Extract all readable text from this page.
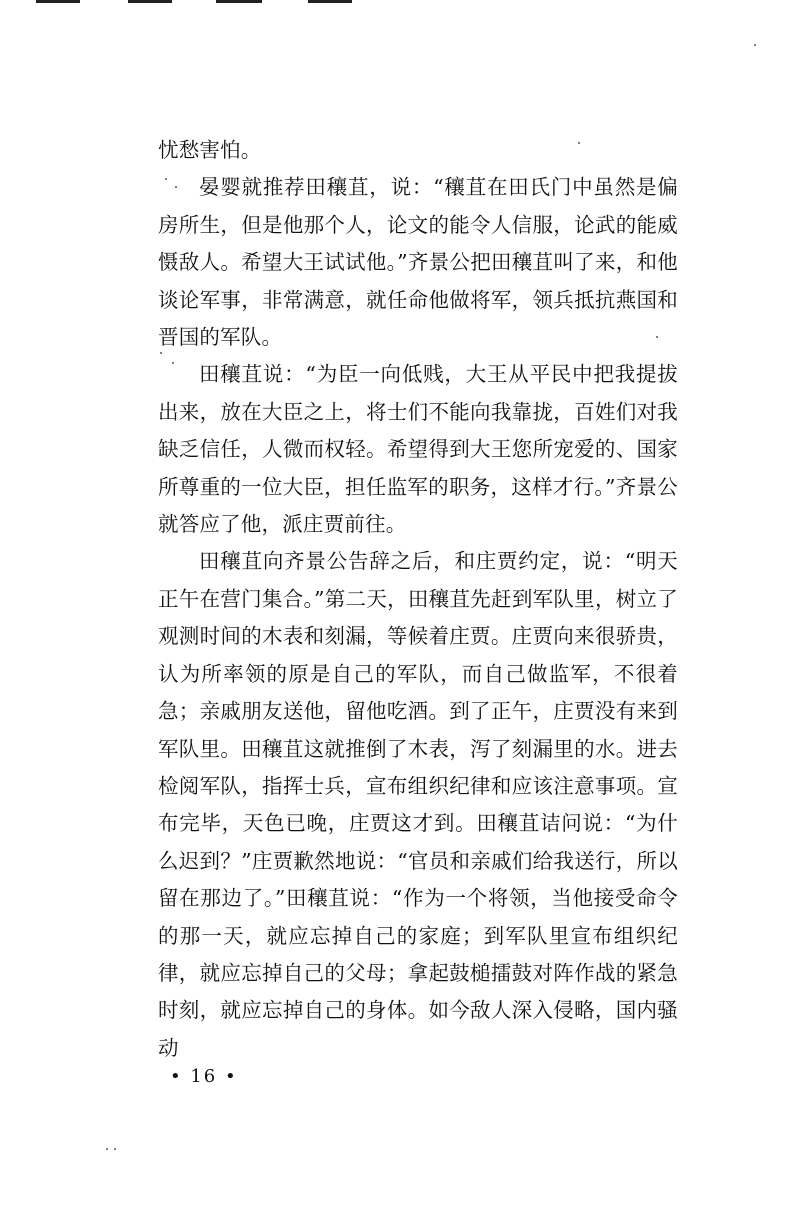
忧愁害怕。

晏婴就推荐田穰苴，说：“穰苴在田氏门中虽然是偏房所生，但是他那个人，论文的能令人信服，论武的能威慑敌人。希望大王试试他。”齐景公把田穰苴叫了来，和他谈论军事，非常满意，就任命他做将军，领兵抵抗燕国和晋国的军队。

田穰苴说：“为臣一向低贱，大王从平民中把我提拔出来，放在大臣之上，将士们不能向我靠拢，百姓们对我缺乏信任，人微而权轻。希望得到大王您所宠爱的、国家所尊重的一位大臣，担任监军的职务，这样才行。”齐景公就答应了他，派庄贾前往。

田穰苴向齐景公告辞之后，和庄贾约定，说：“明天正午在营门集合。”第二天，田穰苴先赶到军队里，树立了观测时间的木表和刻漏，等候着庄贾。庄贾向来很骄贵，认为所率领的原是自己的军队，而自己做监军，不很着急；亲戚朋友送他，留他吃酒。到了正午，庄贾没有来到军队里。田穰苴这就推倒了木表，泻了刻漏里的水。进去检阅军队，指挥士兵，宣布组织纪律和应该注意事项。宣布完毕，天色已晚，庄贾这才到。田穰苴诘问说：“为什么迟到？”庄贾歉然地说：“官员和亲戚们给我送行，所以留在那边了。”田穰苴说：“作为一个将领，当他接受命令的那一天，就应忘掉自己的家庭；到军队里宣布组织纪律，就应忘掉自己的父母；拿起鼓槌擂鼓对阵作战的紧急时刻，就应忘掉自己的身体。如今敌人深入侵略，国内骚动

• 16 •
